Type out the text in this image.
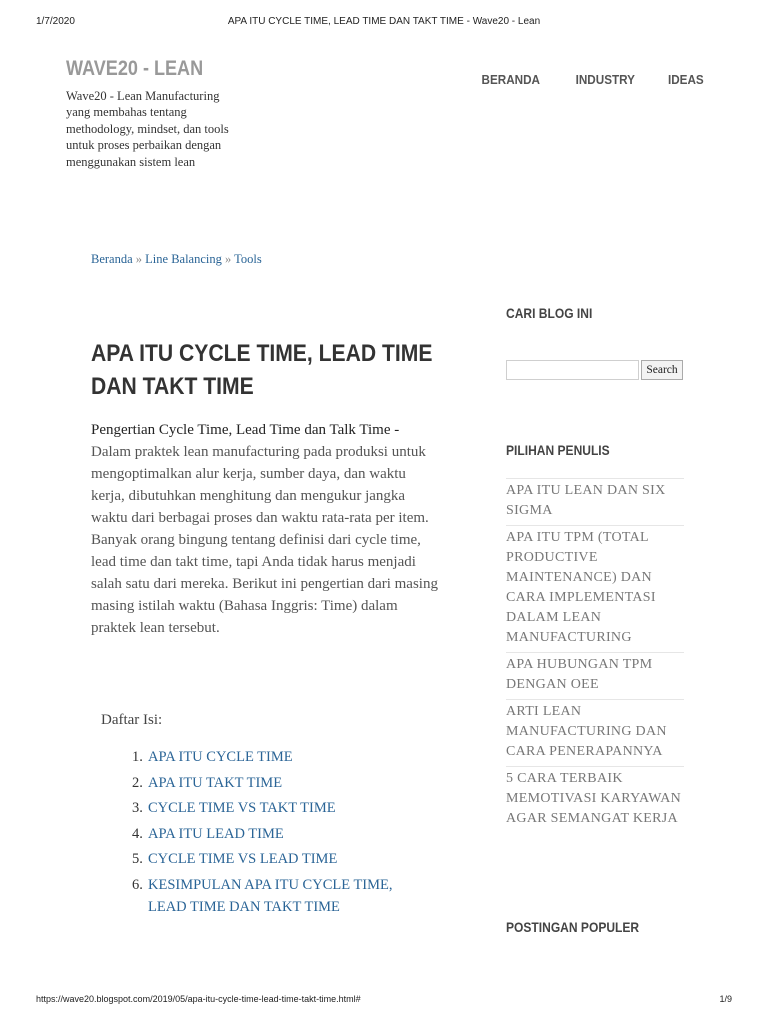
1/7/2020	APA ITU CYCLE TIME, LEAD TIME DAN TAKT TIME - Wave20 - Lean
WAVE20 - LEAN

Wave20 - Lean Manufacturing yang membahas tentang methodology, mindset, dan tools untuk proses perbaikan dengan menggunakan sistem lean

BERANDA	INDUSTRY	IDEAS
Beranda » Line Balancing » Tools
APA ITU CYCLE TIME, LEAD TIME DAN TAKT TIME

Pengertian Cycle Time, Lead Time dan Talk Time -
Dalam praktek lean manufacturing pada produksi untuk mengoptimalkan alur kerja, sumber daya, dan waktu kerja, dibutuhkan menghitung dan mengukur jangka waktu dari berbagai proses dan waktu rata-rata per item. Banyak orang bingung tentang definisi dari cycle time, lead time dan takt time, tapi Anda tidak harus menjadi salah satu dari mereka. Berikut ini pengertian dari masing masing istilah waktu (Bahasa Inggris: Time) dalam praktek lean tersebut.

Daftar Isi:
1. APA ITU CYCLE TIME
2. APA ITU TAKT TIME
3. CYCLE TIME VS TAKT TIME
4. APA ITU LEAD TIME
5. CYCLE TIME VS LEAD TIME
6. KESIMPULAN APA ITU CYCLE TIME, LEAD TIME DAN TAKT TIME
CARI BLOG INI
Search
PILIHAN PENULIS
APA ITU LEAN DAN SIX SIGMA
APA ITU TPM (TOTAL PRODUCTIVE MAINTENANCE) DAN CARA IMPLEMENTASI DALAM LEAN MANUFACTURING
APA HUBUNGAN TPM DENGAN OEE
ARTI LEAN MANUFACTURING DAN CARA PENERAPANNYA
5 CARA TERBAIK MEMOTIVASI KARYAWAN AGAR SEMANGAT KERJA
POSTINGAN POPULER
https://wave20.blogspot.com/2019/05/apa-itu-cycle-time-lead-time-takt-time.html#	1/9
